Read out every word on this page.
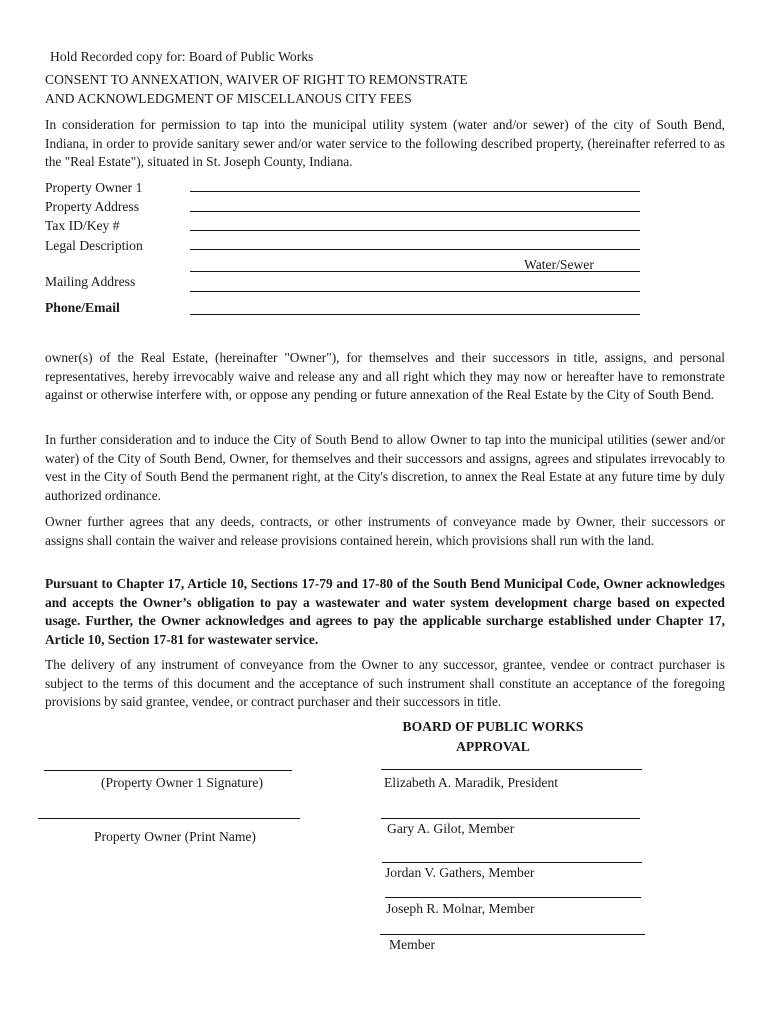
Hold Recorded copy for: Board of Public Works
CONSENT TO ANNEXATION, WAIVER OF RIGHT TO REMONSTRATE
AND ACKNOWLEDGMENT OF MISCELLANOUS CITY FEES
In consideration for permission to tap into the municipal utility system (water and/or sewer) of the city of South Bend, Indiana, in order to provide sanitary sewer and/or water service to the following described property, (hereinafter referred to as the "Real Estate"), situated in St. Joseph County, Indiana.
Property Owner 1
Property Address
Tax ID/Key #
Legal Description
Water/Sewer
Mailing Address
Phone/Email
owner(s) of the Real Estate, (hereinafter "Owner"), for themselves and their successors in title, assigns, and personal representatives, hereby irrevocably waive and release any and all right which they may now or hereafter have to remonstrate against or otherwise interfere with, or oppose any pending or future annexation of the Real Estate by the City of South Bend.
In further consideration and to induce the City of South Bend to allow Owner to tap into the municipal utilities (sewer and/or water) of the City of South Bend, Owner, for themselves and their successors and assigns, agrees and stipulates irrevocably to vest in the City of South Bend the permanent right, at the City's discretion, to annex the Real Estate at any future time by duly authorized ordinance.
Owner further agrees that any deeds, contracts, or other instruments of conveyance made by Owner, their successors or assigns shall contain the waiver and release provisions contained herein, which provisions shall run with the land.
Pursuant to Chapter 17, Article 10, Sections 17-79 and 17-80 of the South Bend Municipal Code, Owner acknowledges and accepts the Owner’s obligation to pay a wastewater and water system development charge based on expected usage. Further, the Owner acknowledges and agrees to pay the applicable surcharge established under Chapter 17, Article 10, Section 17-81 for wastewater service.
The delivery of any instrument of conveyance from the Owner to any successor, grantee, vendee or contract purchaser is subject to the terms of this document and the acceptance of such instrument shall constitute an acceptance of the foregoing provisions by said grantee, vendee, or contract purchaser and their successors in title.
BOARD OF PUBLIC WORKS
APPROVAL
(Property Owner 1 Signature)
Property Owner (Print Name)
Elizabeth A. Maradik, President
Gary A. Gilot, Member
Jordan V. Gathers, Member
Joseph R. Molnar, Member
Member
